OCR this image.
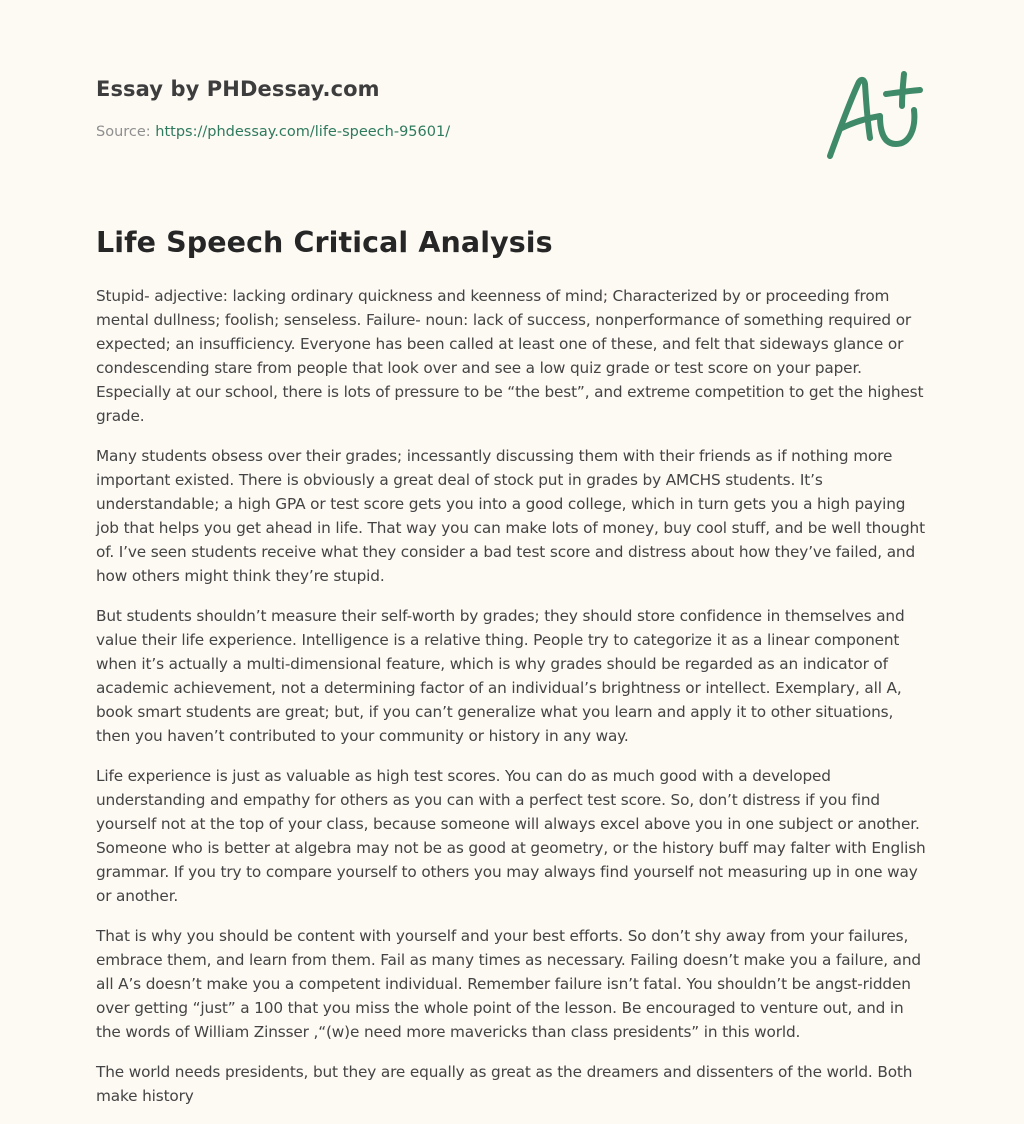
Essay by PHDessay.com
Source: https://phdessay.com/life-speech-95601/
Life Speech Critical Analysis

Stupid- adjective: lacking ordinary quickness and keenness of mind; Characterized by or proceeding from mental dullness; foolish; senseless. Failure- noun: lack of success, nonperformance of something required or expected; an insufficiency. Everyone has been called at least one of these, and felt that sideways glance or condescending stare from people that look over and see a low quiz grade or test score on your paper. Especially at our school, there is lots of pressure to be “the best”, and extreme competition to get the highest grade.

Many students obsess over their grades; incessantly discussing them with their friends as if nothing more important existed. There is obviously a great deal of stock put in grades by AMCHS students. It’s understandable; a high GPA or test score gets you into a good college, which in turn gets you a high paying job that helps you get ahead in life. That way you can make lots of money, buy cool stuff, and be well thought of. I’ve seen students receive what they consider a bad test score and distress about how they’ve failed, and how others might think they’re stupid.

But students shouldn’t measure their self-worth by grades; they should store confidence in themselves and value their life experience. Intelligence is a relative thing. People try to categorize it as a linear component when it’s actually a multi-dimensional feature, which is why grades should be regarded as an indicator of academic achievement, not a determining factor of an individual’s brightness or intellect. Exemplary, all A, book smart students are great; but, if you can’t generalize what you learn and apply it to other situations, then you haven’t contributed to your community or history in any way.

Life experience is just as valuable as high test scores. You can do as much good with a developed understanding and empathy for others as you can with a perfect test score. So, don’t distress if you find yourself not at the top of your class, because someone will always excel above you in one subject or another. Someone who is better at algebra may not be as good at geometry, or the history buff may falter with English grammar. If you try to compare yourself to others you may always find yourself not measuring up in one way or another.

That is why you should be content with yourself and your best efforts. So don’t shy away from your failures, embrace them, and learn from them. Fail as many times as necessary. Failing doesn’t make you a failure, and all A’s doesn’t make you a competent individual. Remember failure isn’t fatal. You shouldn’t be angst-ridden over getting “just” a 100 that you miss the whole point of the lesson. Be encouraged to venture out, and in the words of William Zinsser ,“(w)e need more mavericks than class presidents” in this world.

The world needs presidents, but they are equally as great as the dreamers and dissenters of the world. Both make history
